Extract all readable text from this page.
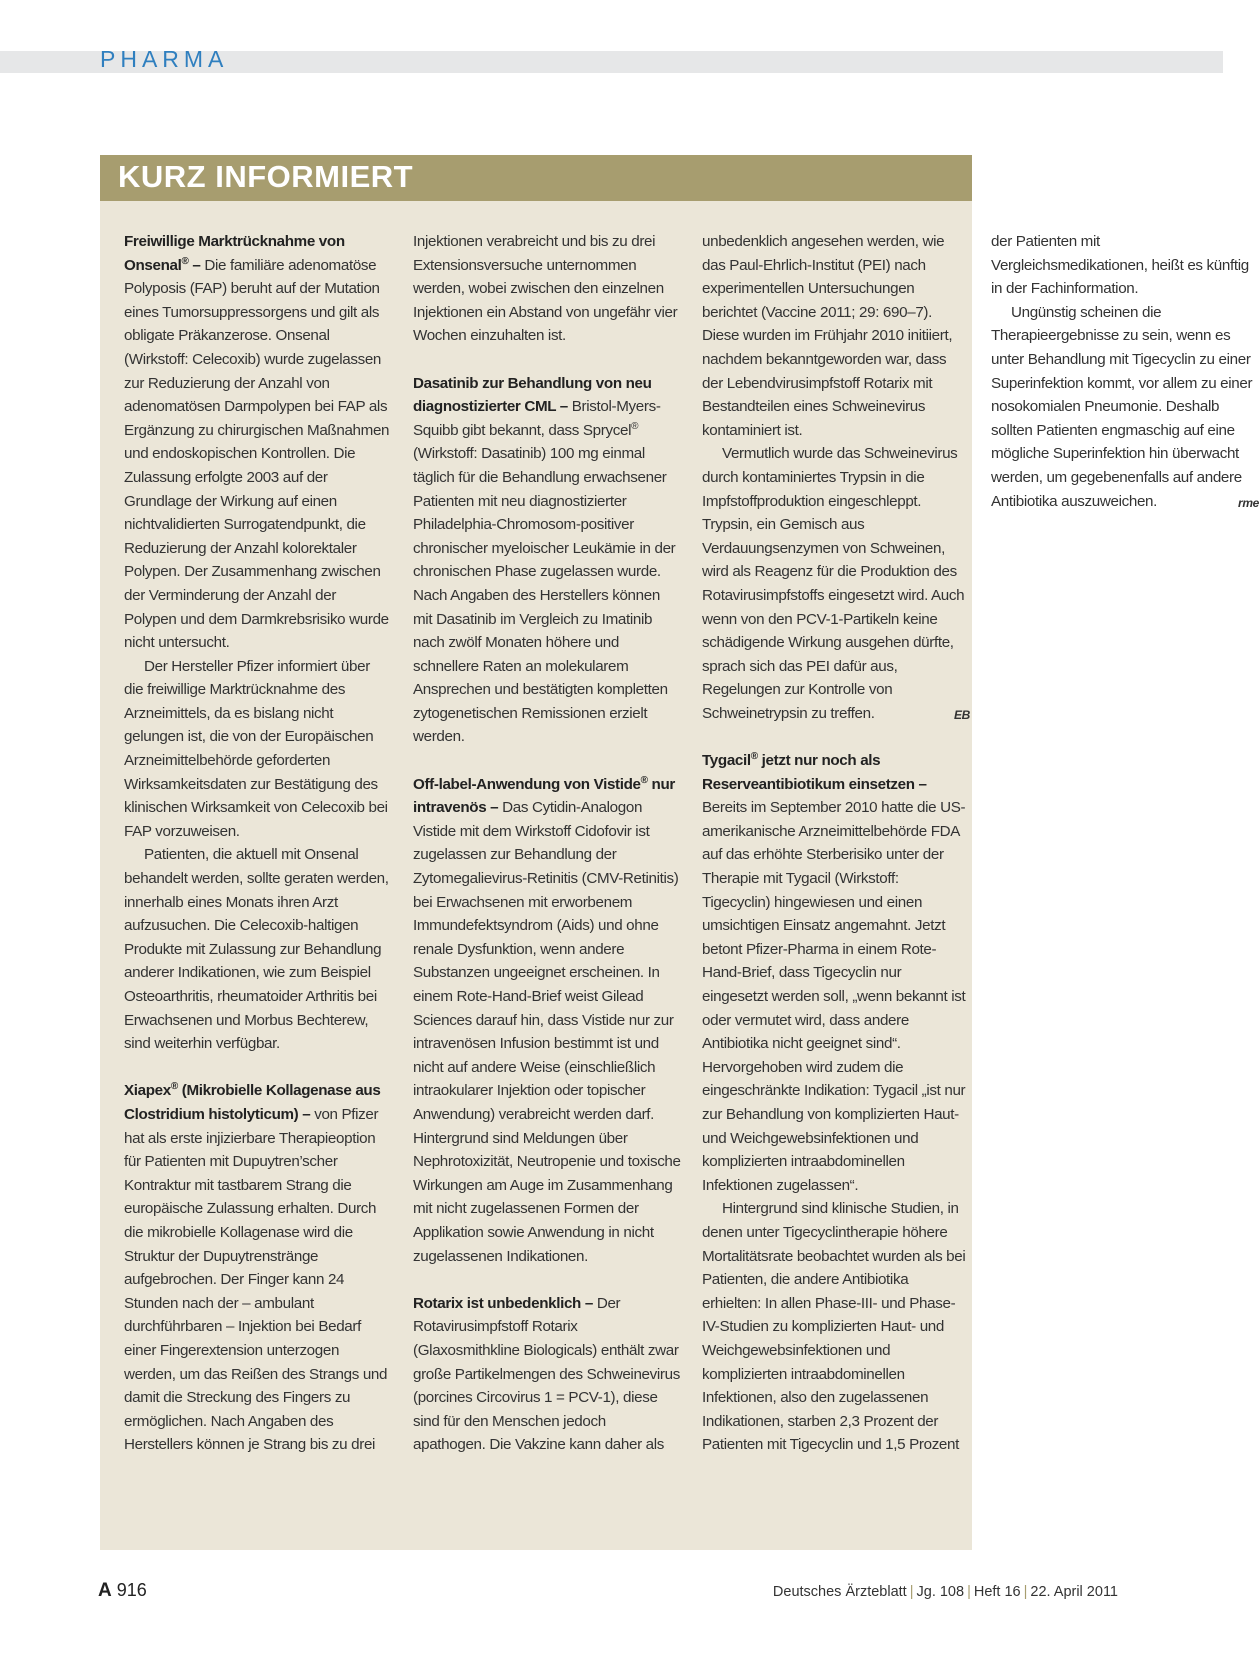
PHARMA
KURZ INFORMIERT

Freiwillige Marktrücknahme von Onsenal® – Die familiäre adenomatöse Polyposis (FAP) beruht auf der Mutation eines Tumorsuppressorgens und gilt als obligate Präkanzerose. Onsenal (Wirkstoff: Celecoxib) wurde zugelassen zur Reduzierung der Anzahl von adenomatösen Darmpolypen bei FAP als Ergänzung zu chirurgischen Maßnahmen und endoskopischen Kontrollen. Die Zulassung erfolgte 2003 auf der Grundlage der Wirkung auf einen nichtvalidierten Surrogatendpunkt, die Reduzierung der Anzahl kolorektaler Polypen. Der Zusammenhang zwischen der Verminderung der Anzahl der Polypen und dem Darmkrebsrisiko wurde nicht untersucht.

Der Hersteller Pfizer informiert über die freiwillige Marktrücknahme des Arzneimittels, da es bislang nicht gelungen ist, die von der Europäischen Arzneimittelbehörde geforderten Wirksamkeitsdaten zur Bestätigung des klinischen Wirksamkeit von Celecoxib bei FAP vorzuweisen.

Patienten, die aktuell mit Onsenal behandelt werden, sollte geraten werden, innerhalb eines Monats ihren Arzt aufzusuchen. Die Celecoxib-haltigen Produkte mit Zulassung zur Behandlung anderer Indikationen, wie zum Beispiel Osteoarthritis, rheumatoider Arthritis bei Erwachsenen und Morbus Bechterew, sind weiterhin verfügbar.

Xiapex® (Mikrobielle Kollagenase aus Clostridium histolyticum) – von Pfizer hat als erste injizierbare Therapieoption für Patienten mit Dupuytren’scher Kontraktur mit tastbarem Strang die europäische Zulassung erhalten. Durch die mikrobielle Kollagenase wird die Struktur der Dupuytrenstränge aufgebrochen. Der Finger kann 24 Stunden nach der – ambulant durchführbaren – Injektion bei Bedarf einer Fingerextension unterzogen werden, um das Reißen des Strangs und damit die Streckung des Fingers zu ermöglichen. Nach Angaben des Herstellers können je Strang bis zu drei Injektionen verabreicht und bis zu drei Extensionsversuche unternommen werden, wobei zwischen den einzelnen Injektionen ein Abstand von ungefähr vier Wochen einzuhalten ist.

Dasatinib zur Behandlung von neu diagnostizierter CML – Bristol-Myers-Squibb gibt bekannt, dass Sprycel® (Wirkstoff: Dasatinib) 100 mg einmal täglich für die Behandlung erwachsener Patienten mit neu diagnostizierter Philadelphia-Chromosom-positiver chronischer myeloischer Leukämie in der chronischen Phase zugelassen wurde. Nach Angaben des Herstellers können mit Dasatinib im Vergleich zu Imatinib nach zwölf Monaten höhere und schnellere Raten an molekularem Ansprechen und bestätigten kompletten zytogenetischen Remissionen erzielt werden.

Off-label-Anwendung von Vistide® nur intravenös – Das Cytidin-Analogon Vistide mit dem Wirkstoff Cidofovir ist zugelassen zur Behandlung der Zytomegalievirus-Retinitis (CMV-Retinitis) bei Erwachsenen mit erworbenem Immundefektsyndrom (Aids) und ohne renale Dysfunktion, wenn andere Substanzen ungeeignet erscheinen. In einem Rote-Hand-Brief weist Gilead Sciences darauf hin, dass Vistide nur zur intravenösen Infusion bestimmt ist und nicht auf andere Weise (einschließlich intraokularer Injektion oder topischer Anwendung) verabreicht werden darf. Hintergrund sind Meldungen über Nephrotoxizität, Neutropenie und toxische Wirkungen am Auge im Zusammenhang mit nicht zugelassenen Formen der Applikation sowie Anwendung in nicht zugelassenen Indikationen.

Rotarix ist unbedenklich – Der Rotavirusimpfstoff Rotarix (Glaxosmithkline Biologicals) enthält zwar große Partikelmengen des Schweinevirus (porcines Circovirus 1 = PCV-1), diese sind für den Menschen jedoch apathogen. Die Vakzine kann daher als unbedenklich angesehen werden, wie das Paul-Ehrlich-Institut (PEI) nach experimentellen Untersuchungen berichtet (Vaccine 2011; 29: 690–7). Diese wurden im Frühjahr 2010 initiiert, nachdem bekanntgeworden war, dass der Lebendvirusimpfstoff Rotarix mit Bestandteilen eines Schweinevirus kontaminiert ist.

Vermutlich wurde das Schweinevirus durch kontaminiertes Trypsin in die Impfstoffproduktion eingeschleppt. Trypsin, ein Gemisch aus Verdauungsenzymen von Schweinen, wird als Reagenz für die Produktion des Rotavirusimpfstoffs eingesetzt wird. Auch wenn von den PCV-1-Partikeln keine schädigende Wirkung ausgehen dürfte, sprach sich das PEI dafür aus, Regelungen zur Kontrolle von Schweinetrypsin zu treffen.	EB

Tygacil® jetzt nur noch als Reserveantibiotikum einsetzen – Bereits im September 2010 hatte die US-amerikanische Arzneimittelbehörde FDA auf das erhöhte Sterberisiko unter der Therapie mit Tygacil (Wirkstoff: Tigecyclin) hingewiesen und einen umsichtigen Einsatz angemahnt. Jetzt betont Pfizer-Pharma in einem Rote-Hand-Brief, dass Tigecyclin nur eingesetzt werden soll, „wenn bekannt ist oder vermutet wird, dass andere Antibiotika nicht geeignet sind“. Hervorgehoben wird zudem die eingeschränkte Indikation: Tygacil „ist nur zur Behandlung von komplizierten Haut- und Weichgewebsinfektionen und komplizierten intraabdominellen Infektionen zugelassen“.

Hintergrund sind klinische Studien, in denen unter Tigecyclintherapie höhere Mortalitätsrate beobachtet wurden als bei Patienten, die andere Antibiotika erhielten: In allen Phase-III- und Phase-IV-Studien zu komplizierten Haut- und Weichgewebsinfektionen und komplizierten intraabdominellen Infektionen, also den zugelassenen Indikationen, starben 2,3 Prozent der Patienten mit Tigecyclin und 1,5 Prozent der Patienten mit Vergleichsmedikationen, heißt es künftig in der Fachinformation.

Ungünstig scheinen die Therapieergebnisse zu sein, wenn es unter Behandlung mit Tigecyclin zu einer Superinfektion kommt, vor allem zu einer nosokomialen Pneumonie. Deshalb sollten Patienten engmaschig auf eine mögliche Superinfektion hin überwacht werden, um gegebenenfalls auf andere Antibiotika auszuweichen.	rme

A 916	Deutsches Ärzteblatt | Jg. 108 | Heft 16 | 22. April 2011
